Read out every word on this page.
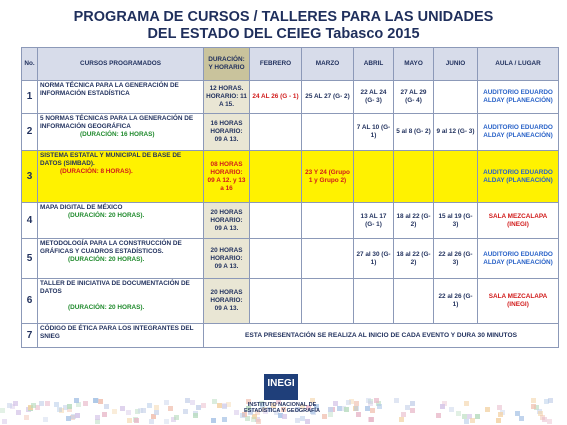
PROGRAMA DE CURSOS / TALLERES PARA LAS UNIDADES
DEL ESTADO DEL CEIEG Tabasco 2015
No.	CURSOS PROGRAMADOS	DURACIÓN: Y HORARIO	FEBRERO	MARZO	ABRIL	MAYO	JUNIO	AULA / LUGAR
1	NORMA TÉCNICA PARA LA GENERACIÓN DE INFORMACIÓN ESTADÍSTICA	12 HORAS. HORARIO: 11 A 15.	24 AL 26 (G - 1)	25 AL 27 (G- 2)	22 AL 24 (G- 3)	27 AL 29 (G- 4)		AUDITORIO EDUARDO ALDAY (PLANEACIÓN)
2	5 NORMAS TÉCNICAS PARA LA GENERACIÓN DE INFORMACIÓN GEOGRÁFICA
(DURACIÓN: 16 HORAS)	16 HORAS HORARIO: 09 A 13.			7 AL 10 (G- 1)	5 al 8 (G- 2)	9 al 12 (G- 3)	AUDITORIO EDUARDO ALDAY (PLANEACIÓN)
3	SISTEMA ESTATAL Y MUNICIPAL DE BASE DE DATOS (SIMBAD).
(DURACIÓN: 8 HORAS).	08 HORAS HORARIO: 09 A 12. y 13 a 16		23 Y 24 (Grupo 1 y Grupo 2)				AUDITORIO EDUARDO ALDAY (PLANEACIÓN)
4	MAPA DIGITAL DE MÉXICO
(DURACIÓN: 20 HORAS).	20 HORAS HORARIO: 09 A 13.			13 AL 17 (G- 1)	18 al 22 (G- 2)	15 al 19 (G- 3)	SALA MEZCALAPA (INEGI)
5	METODOLOGÍA PARA LA CONSTRUCCIÓN DE GRÁFICAS Y CUADROS ESTADÍSTICOS.
(DURACIÓN: 20 HORAS).	20 HORAS HORARIO: 09 A 13.			27 al 30 (G- 1)	18 al 22 (G- 2)	22 al 26 (G- 3)	AUDITORIO EDUARDO ALDAY (PLANEACIÓN)
6	TALLER DE INICIATIVA DE DOCUMENTACIÓN DE DATOS

(DURACIÓN: 20 HORAS).	20 HORAS HORARIO: 09 A 13.					22 al 26 (G- 1)	SALA MEZCALAPA (INEGI)
7	CÓDIGO DE ÉTICA PARA LOS INTEGRANTES DEL SNIEG	ESTA PRESENTACIÓN SE REALIZA AL INICIO DE CADA EVENTO Y DURA 30 MINUTOS						
INEGI
INSTITUTO NACIONAL DE ESTADÍSTICA Y GEOGRAFÍA
